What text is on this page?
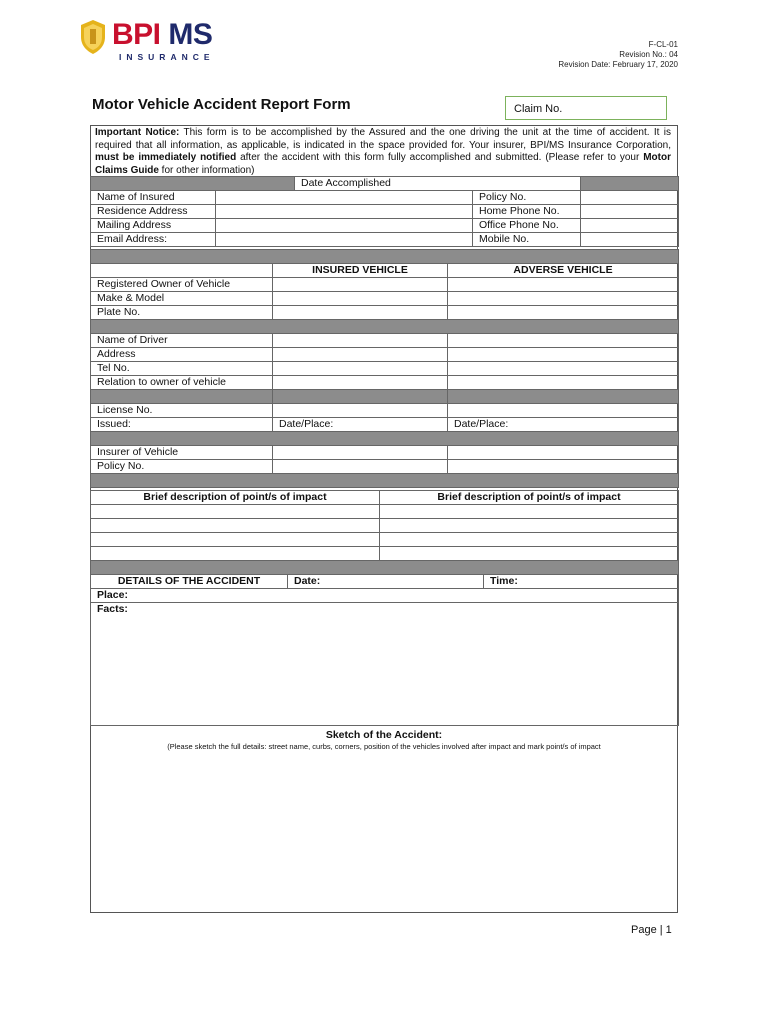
BPI MS
INSURANCE
F-CL-01
Revision No.: 04
Revision Date: February 17, 2020
Motor Vehicle Accident Report Form	Claim No.
Important Notice: This form is to be accomplished by the Assured and the one driving the unit at the time of accident. It is required that all information, as applicable, is indicated in the space provided for. Your insurer, BPI/MS Insurance Corporation, must be immediately notified after the accident with this form fully accomplished and submitted. (Please refer to your Motor Claims Guide for other information)
		Date Accomplished		
Name of Insured			Policy No.	
Residence Address			Home Phone No.	
Mailing Address			Office Phone No.	
Email Address:			Mobile No.	

	INSURED VEHICLE	ADVERSE VEHICLE
Registered Owner of Vehicle		
Make & Model		
Plate No.		

Name of Driver		
Address		
Tel No.		
Relation to owner of vehicle		

License No.		
Issued:	Date/Place:	Date/Place:

Insurer of Vehicle		
Policy No.		

Brief description of point/s of impact	Brief description of point/s of impact

DETAILS OF THE ACCIDENT	Date:	Time:
Place:
Facts:
Sketch of the Accident:
(Please sketch the full details: street name, curbs, corners, position of the vehicles involved after impact and mark point/s of impact
Page | 1
